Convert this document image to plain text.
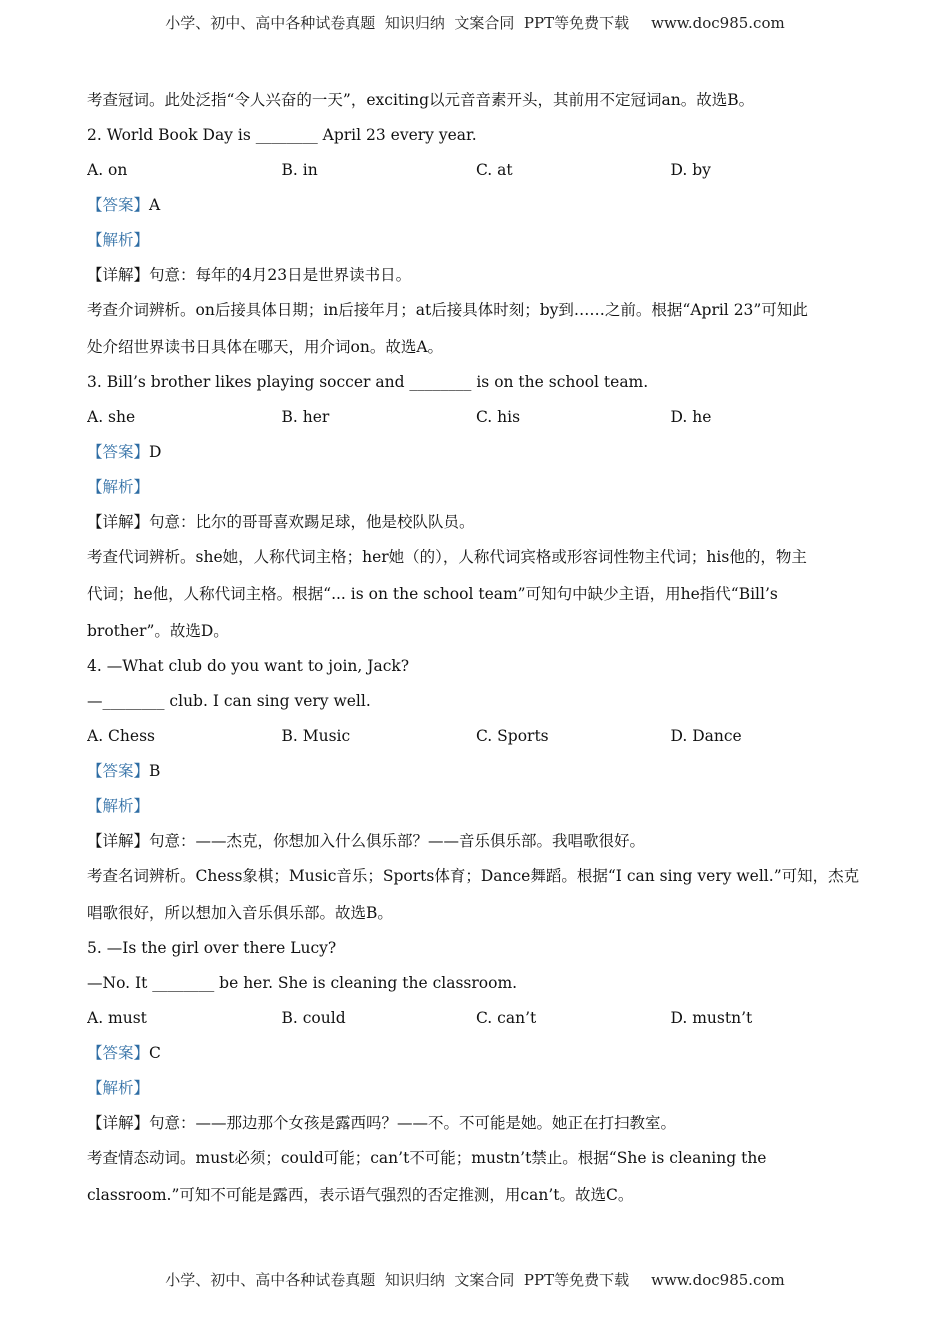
小学、初中、高中各种试卷真题  知识归纳  文案合同  PPT等免费下载 www.doc985.com
考查冠词。此处泛指“令人兴奋的一天”，exciting以元音音素开头，其前用不定冠词an。故选B。
2. World Book Day is ________ April 23 every year.
A. on	B. in	C. at	D. by
【答案】A
【解析】
【详解】句意：每年的4月23日是世界读书日。
考查介词辨析。on后接具体日期；in后接年月；at后接具体时刻；by到……之前。根据“April 23”可知此
处介绍世界读书日具体在哪天，用介词on。故选A。
3. Bill’s brother likes playing soccer and ________ is on the school team.
A. she	B. her	C. his	D. he
【答案】D
【解析】
【详解】句意：比尔的哥哥喜欢踢足球，他是校队队员。
考查代词辨析。she她，人称代词主格；her她（的），人称代词宾格或形容词性物主代词；his他的，物主
代词；he他，人称代词主格。根据“... is on the school team”可知句中缺少主语，用he指代“Bill’s
brother”。故选D。
4. —What club do you want to join, Jack?
—________ club. I can sing very well.
A. Chess	B. Music	C. Sports	D. Dance
【答案】B
【解析】
【详解】句意：——杰克，你想加入什么俱乐部？——音乐俱乐部。我唱歌很好。
考查名词辨析。Chess象棋；Music音乐；Sports体育；Dance舞蹈。根据“I can sing very well.”可知，杰克
唱歌很好，所以想加入音乐俱乐部。故选B。
5. —Is the girl over there Lucy?
—No. It ________ be her. She is cleaning the classroom.
A. must	B. could	C. can’t	D. mustn’t
【答案】C
【解析】
【详解】句意：——那边那个女孩是露西吗？——不。不可能是她。她正在打扫教室。
考查情态动词。must必须；could可能；can’t不可能；mustn’t禁止。根据“She is cleaning the
classroom.”可知不可能是露西，表示语气强烈的否定推测，用can’t。故选C。
小学、初中、高中各种试卷真题  知识归纳  文案合同  PPT等免费下载 www.doc985.com
